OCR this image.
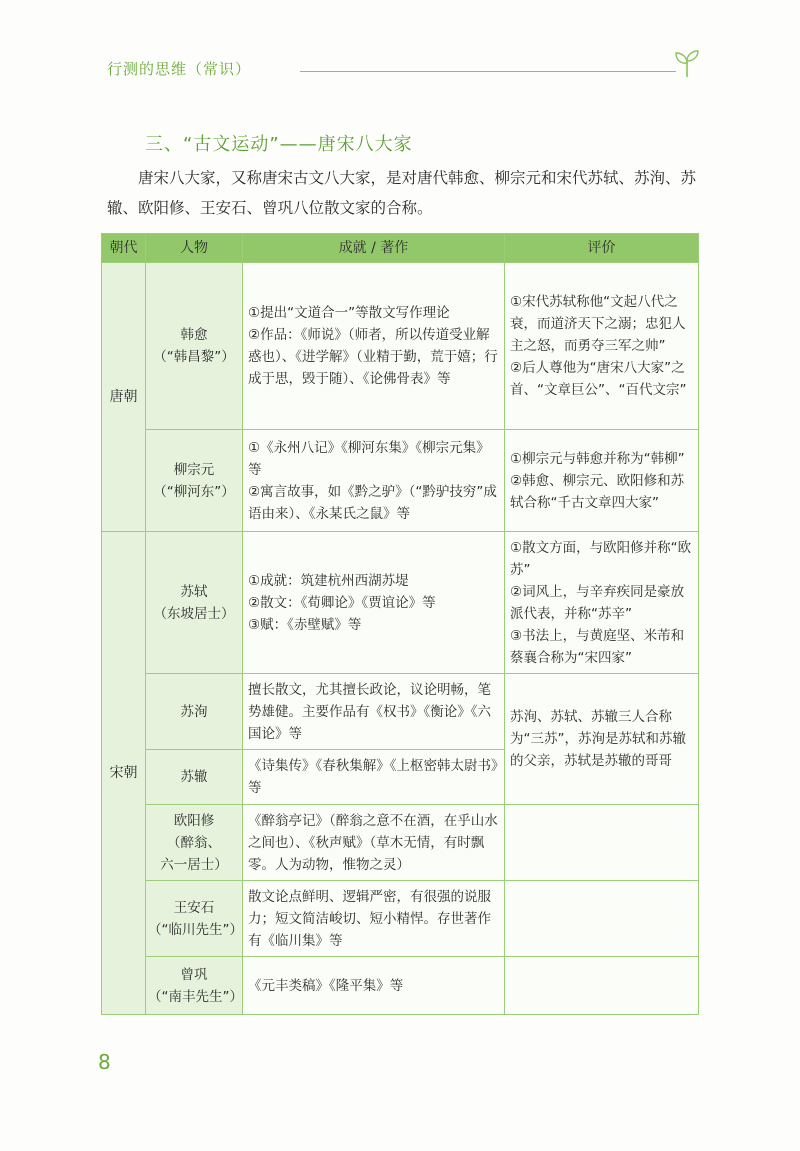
行测的思维（常识）
三、“古文运动”——唐宋八大家

唐宋八大家，又称唐宋古文八大家，是对唐代韩愈、柳宗元和宋代苏轼、苏洵、苏辙、欧阳修、王安石、曾巩八位散文家的合称。

朝代	人物	成就 / 著作	评价
唐朝	韩愈
（“韩昌黎”）	①提出“文道合一”等散文写作理论
②作品：《师说》（师者，所以传道受业解惑也）、《进学解》（业精于勤，荒于嬉；行成于思，毁于随）、《论佛骨表》等	①宋代苏轼称他“文起八代之衰，而道济天下之溺；忠犯人主之怒，而勇夺三军之帅”
②后人尊他为“唐宋八大家”之首、“文章巨公”、“百代文宗”

	柳宗元
（“柳河东”）	①《永州八记》《柳河东集》《柳宗元集》等
②寓言故事，如《黔之驴》（“黔驴技穷”成语由来）、《永某氏之鼠》等	①柳宗元与韩愈并称为“韩柳”
②韩愈、柳宗元、欧阳修和苏轼合称“千古文章四大家”

宋朝	苏轼
（东坡居士）	①成就：筑建杭州西湖苏堤
②散文：《荀卿论》《贾谊论》等
③赋：《赤壁赋》等	①散文方面，与欧阳修并称“欧苏”
②词风上，与辛弃疾同是豪放派代表，并称“苏辛”
③书法上，与黄庭坚、米芾和蔡襄合称为“宋四家”

	苏洵	擅长散文，尤其擅长政论，议论明畅，笔势雄健。主要作品有《权书》《衡论》《六国论》等	苏洵、苏轼、苏辙三人合称为“三苏”，苏洵是苏轼和苏辙的父亲，苏轼是苏辙的哥哥

	苏辙	《诗集传》《春秋集解》《上枢密韩太尉书》等	

	欧阳修
（醉翁、
六一居士）	《醉翁亭记》（醉翁之意不在酒，在乎山水之间也）、《秋声赋》（草木无情，有时飘零。人为动物，惟物之灵）	

	王安石
（“临川先生”）	散文论点鲜明、逻辑严密，有很强的说服力；短文简洁峻切、短小精悍。存世著作有《临川集》等	

	曾巩
（“南丰先生”）	《元丰类稿》《隆平集》等	

8
